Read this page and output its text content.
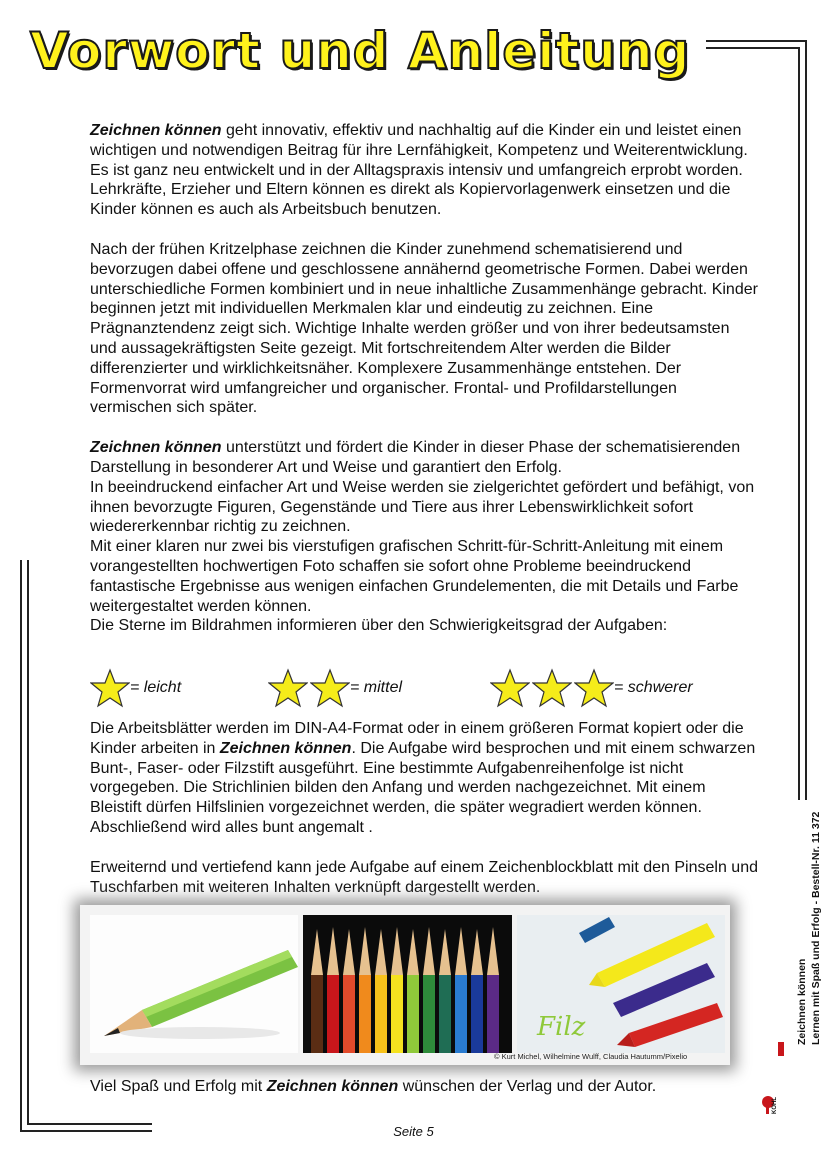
Vorwort und Anleitung

Zeichnen können geht innovativ, effektiv und nachhaltig auf die Kinder ein und leistet einen wichtigen und notwendigen Beitrag für ihre Lernfähigkeit, Kompetenz und Weiterentwicklung. Es ist ganz neu entwickelt und in der Alltagspraxis intensiv und umfangreich erprobt worden. Lehrkräfte, Erzieher und Eltern können es direkt als Kopiervorlagenwerk einsetzen und die Kinder können es auch als Arbeitsbuch benutzen.

Nach der frühen Kritzelphase zeichnen die Kinder zunehmend schematisierend und bevorzugen dabei offene und geschlossene annähernd geometrische Formen. Dabei werden unterschiedliche Formen kombiniert und in neue inhaltliche Zusammenhänge gebracht. Kinder beginnen jetzt mit individuellen Merkmalen klar und eindeutig zu zeichnen. Eine Prägnanztendenz zeigt sich. Wichtige Inhalte werden größer und von ihrer bedeutsamsten und aussagekräftigsten Seite gezeigt. Mit fortschreitendem Alter werden die Bilder differenzierter und wirklichkeitsnäher. Komplexere Zusammenhänge entstehen. Der Formenvorrat wird umfangreicher und organischer. Frontal- und Profildarstellungen vermischen sich später.

Zeichnen können unterstützt und fördert die Kinder in dieser Phase der schematisierenden Darstellung in besonderer Art und Weise und garantiert den Erfolg.
In beeindruckend einfacher Art und Weise werden sie zielgerichtet gefördert und befähigt, von ihnen bevorzugte Figuren, Gegenstände und Tiere aus ihrer Lebenswirklichkeit sofort wiedererkennbar richtig zu zeichnen.
Mit einer klaren nur zwei bis vierstufigen grafischen Schritt-für-Schritt-Anleitung mit einem vorangestellten hochwertigen Foto schaffen sie sofort ohne Probleme beeindruckend fantastische Ergebnisse aus wenigen einfachen Grundelementen, die mit Details und Farbe weitergestaltet werden können.
Die Sterne im Bildrahmen informieren über den Schwierigkeitsgrad der Aufgaben:

= leicht	= mittel	= schwerer

Die Arbeitsblätter werden im DIN-A4-Format oder in einem größeren Format kopiert oder die Kinder arbeiten in Zeichnen können. Die Aufgabe wird besprochen und mit einem schwarzen Bunt-, Faser- oder Filzstift ausgeführt. Eine bestimmte Aufgabenreihenfolge ist nicht vorgegeben. Die Strichlinien bilden den Anfang und werden nachgezeichnet. Mit einem Bleistift dürfen Hilfslinien vorgezeichnet werden, die später wegradiert werden können. Abschließend wird alles bunt angemalt .

Erweiternd und vertiefend kann jede Aufgabe auf einem Zeichenblockblatt mit den Pinseln und Tuschfarben mit weiteren Inhalten verknüpft dargestellt werden.

Filz
© Kurt Michel, Wilhelmine Wulff, Claudia Hautumm/Pixelio
Viel Spaß und Erfolg mit Zeichnen können wünschen der Verlag und der Autor.
Seite 5
KOHL
Zeichnen können Lernen mit Spaß und Erfolg - Bestell-Nr. 11 372
